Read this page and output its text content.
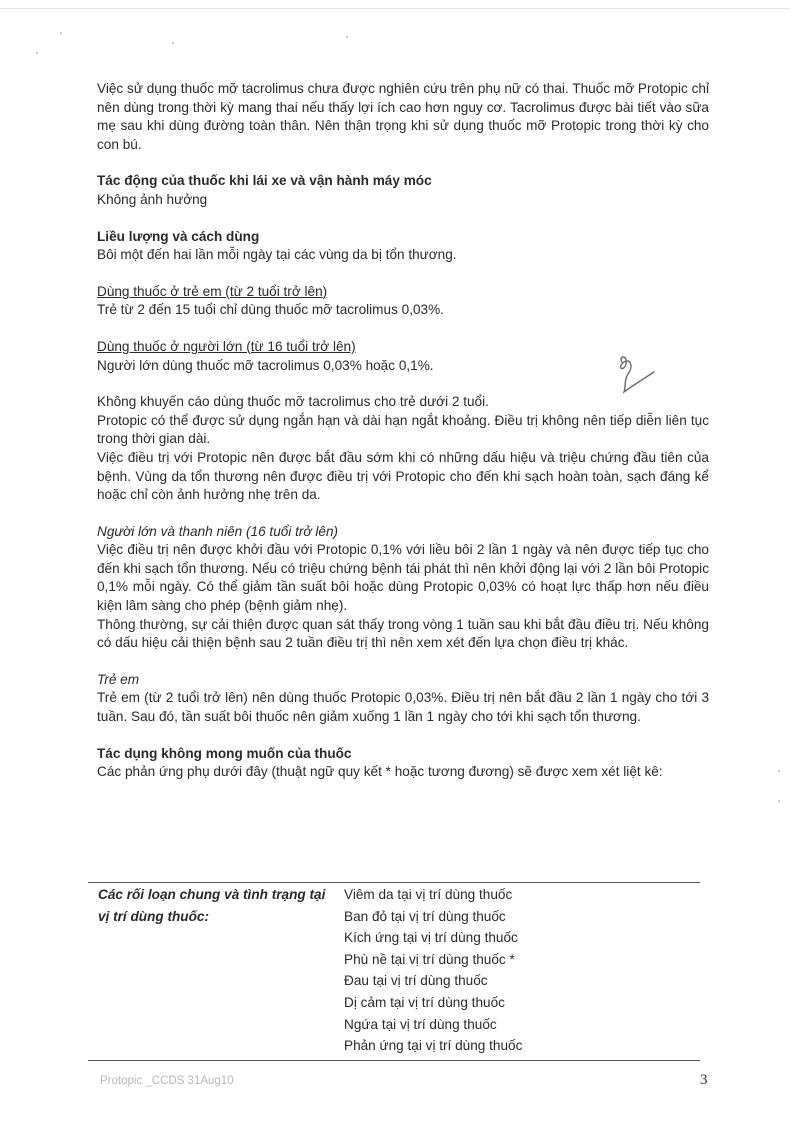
Việc sử dụng thuốc mỡ tacrolimus chưa được nghiên cứu trên phụ nữ có thai. Thuốc mỡ Protopic chỉ nên dùng trong thời kỳ mang thai nếu thấy lợi ích cao hơn nguy cơ. Tacrolimus được bài tiết vào sữa mẹ sau khi dùng đường toàn thân. Nên thận trọng khi sử dụng thuốc mỡ Protopic trong thời kỳ cho con bú.

Tác động của thuốc khi lái xe và vận hành máy móc

Không ảnh hưởng

Liều lượng và cách dùng

Bôi một đến hai lần mỗi ngày tại các vùng da bị tổn thương.

Dùng thuốc ở trẻ em (từ 2 tuổi trở lên)

Trẻ từ 2 đến 15 tuổi chỉ dùng thuốc mỡ tacrolimus 0,03%.

Dùng thuốc ở người lớn (từ 16 tuổi trở lên)

Người lớn dùng thuốc mỡ tacrolimus 0,03% hoặc 0,1%.

Không khuyến cáo dùng thuốc mỡ tacrolimus cho trẻ dưới 2 tuổi.

Protopic có thể được sử dụng ngắn hạn và dài hạn ngắt khoảng. Điều trị không nên tiếp diễn liên tục trong thời gian dài.

Việc điều trị với Protopic nên được bắt đầu sớm khi có những dấu hiệu và triệu chứng đầu tiên của bệnh. Vùng da tổn thương nên được điều trị với Protopic cho đến khi sạch hoàn toàn, sạch đáng kể hoặc chỉ còn ảnh hưởng nhẹ trên da.

Người lớn và thanh niên (16 tuổi trở lên)

Việc điều trị nên được khởi đầu với Protopic 0,1% với liều bôi 2 lần 1 ngày và nên được tiếp tục cho đến khi sạch tổn thương. Nếu có triệu chứng bệnh tái phát thì nên khởi động lại với 2 lần bôi Protopic 0,1% mỗi ngày. Có thể giảm tần suất bôi hoặc dùng Protopic 0,03% có hoạt lực thấp hơn nếu điều kiện lâm sàng cho phép (bệnh giảm nhẹ).

Thông thường, sự cải thiện được quan sát thấy trong vòng 1 tuần sau khi bắt đầu điều trị. Nếu không có dấu hiệu cải thiện bệnh sau 2 tuần điều trị thì nên xem xét đến lựa chọn điều trị khác.

Trẻ em

Trẻ em (từ 2 tuổi trở lên) nên dùng thuốc Protopic 0,03%. Điều trị nên bắt đầu 2 lần 1 ngày cho tới 3 tuần. Sau đó, tần suất bôi thuốc nên giảm xuống 1 lần 1 ngày cho tới khi sạch tổn thương.

Tác dụng không mong muốn của thuốc

Các phản ứng phụ dưới đây (thuật ngữ quy kết * hoặc tương đương) sẽ được xem xét liệt kê:

Các rối loạn chung và tình trạng tại vị trí dùng thuốc:	
Viêm da tại vị trí dùng thuốc
Ban đỏ tại vị trí dùng thuốc
Kích ứng tại vị trí dùng thuốc
Phù nề tại vị trí dùng thuốc *
Đau tại vị trí dùng thuốc
Dị cảm tại vị trí dùng thuốc
Ngứa tại vị trí dùng thuốc
Phản ứng tại vị trí dùng thuốc
Protopic _CCDS 31Aug10	3
